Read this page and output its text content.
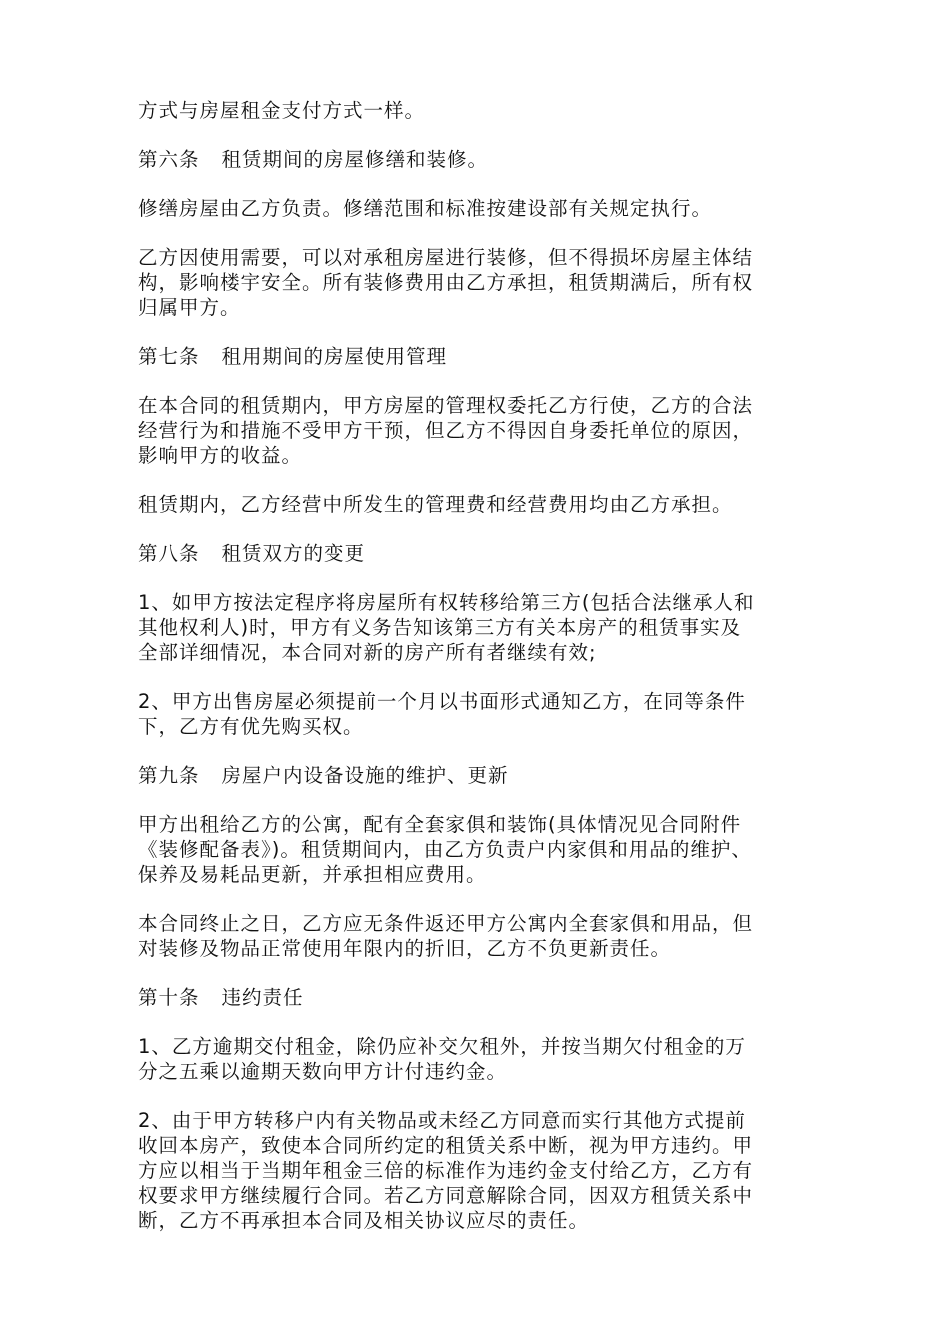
方式与房屋租金支付方式一样。
第六条 租赁期间的房屋修缮和装修。
修缮房屋由乙方负责。修缮范围和标准按建设部有关规定执行。
乙方因使用需要，可以对承租房屋进行装修，但不得损坏房屋主体结
构，影响楼宇安全。所有装修费用由乙方承担，租赁期满后，所有权
归属甲方。
第七条 租用期间的房屋使用管理
在本合同的租赁期内，甲方房屋的管理权委托乙方行使，乙方的合法
经营行为和措施不受甲方干预，但乙方不得因自身委托单位的原因，
影响甲方的收益。
租赁期内，乙方经营中所发生的管理费和经营费用均由乙方承担。
第八条 租赁双方的变更
1、如甲方按法定程序将房屋所有权转移给第三方(包括合法继承人和
其他权利人)时，甲方有义务告知该第三方有关本房产的租赁事实及
全部详细情况，本合同对新的房产所有者继续有效;
2、甲方出售房屋必须提前一个月以书面形式通知乙方，在同等条件
下，乙方有优先购买权。
第九条 房屋户内设备设施的维护、更新
甲方出租给乙方的公寓，配有全套家俱和装饰(具体情况见合同附件
《装修配备表》)。租赁期间内，由乙方负责户内家俱和用品的维护、
保养及易耗品更新，并承担相应费用。
本合同终止之日，乙方应无条件返还甲方公寓内全套家俱和用品，但
对装修及物品正常使用年限内的折旧，乙方不负更新责任。
第十条 违约责任
1、乙方逾期交付租金，除仍应补交欠租外，并按当期欠付租金的万
分之五乘以逾期天数向甲方计付违约金。
2、由于甲方转移户内有关物品或未经乙方同意而实行其他方式提前
收回本房产，致使本合同所约定的租赁关系中断，视为甲方违约。甲
方应以相当于当期年租金三倍的标准作为违约金支付给乙方，乙方有
权要求甲方继续履行合同。若乙方同意解除合同，因双方租赁关系中
断，乙方不再承担本合同及相关协议应尽的责任。
